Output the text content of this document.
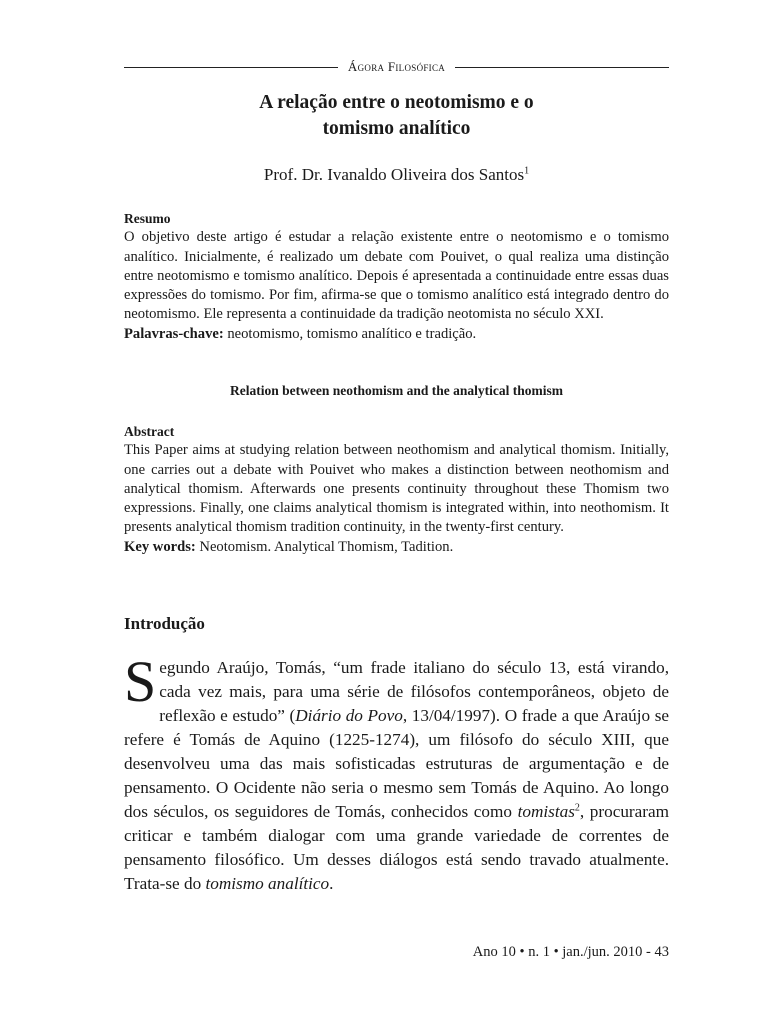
Ágora Filosófica
A relação entre o neotomismo e o
tomismo analítico
Prof. Dr. Ivanaldo Oliveira dos Santos$^1$
Resumo
O objetivo deste artigo é estudar a relação existente entre o neotomismo e o tomismo analítico. Inicialmente, é realizado um debate com Pouivet, o qual realiza uma distinção entre neotomismo e tomismo analítico. Depois é apresentada a continuidade entre essas duas expressões do tomismo. Por fim, afirma-se que o tomismo analítico está integrado dentro do neotomismo. Ele representa a continuidade da tradição neotomista no século XXI.
Palavras-chave: neotomismo, tomismo analítico e tradição.
Relation between neothomism and the analytical thomism
Abstract
This Paper aims at studying relation between neothomism and analytical thomism. Initially, one carries out a debate with Pouivet who makes a distinction between neothomism and analytical thomism. Afterwards one presents continuity throughout these Thomism two expressions. Finally, one claims analytical thomism is integrated within, into neothomism. It presents analytical thomism tradition continuity, in the twenty-first century.
Key words: Neotomism. Analytical Thomism, Tadition.
Introdução
Segundo Araújo, Tomás, “um frade italiano do século 13, está virando, cada vez mais, para uma série de filósofos contemporâneos, objeto de reflexão e estudo” (Diário do Povo, 13/04/1997). O frade a que Araújo se refere é Tomás de Aquino (1225-1274), um filósofo do século XIII, que desenvolveu uma das mais sofisticadas estruturas de argumentação e de pensamento. O Ocidente não seria o mesmo sem Tomás de Aquino. Ao longo dos séculos, os seguidores de Tomás, conhecidos como tomistas$^2$, procuraram criticar e também dialogar com uma grande variedade de correntes de pensamento filosófico. Um desses diálogos está sendo travado atualmente. Trata-se do tomismo analítico.
Ano 10 • n. 1 • jan./jun. 2010 - 43
